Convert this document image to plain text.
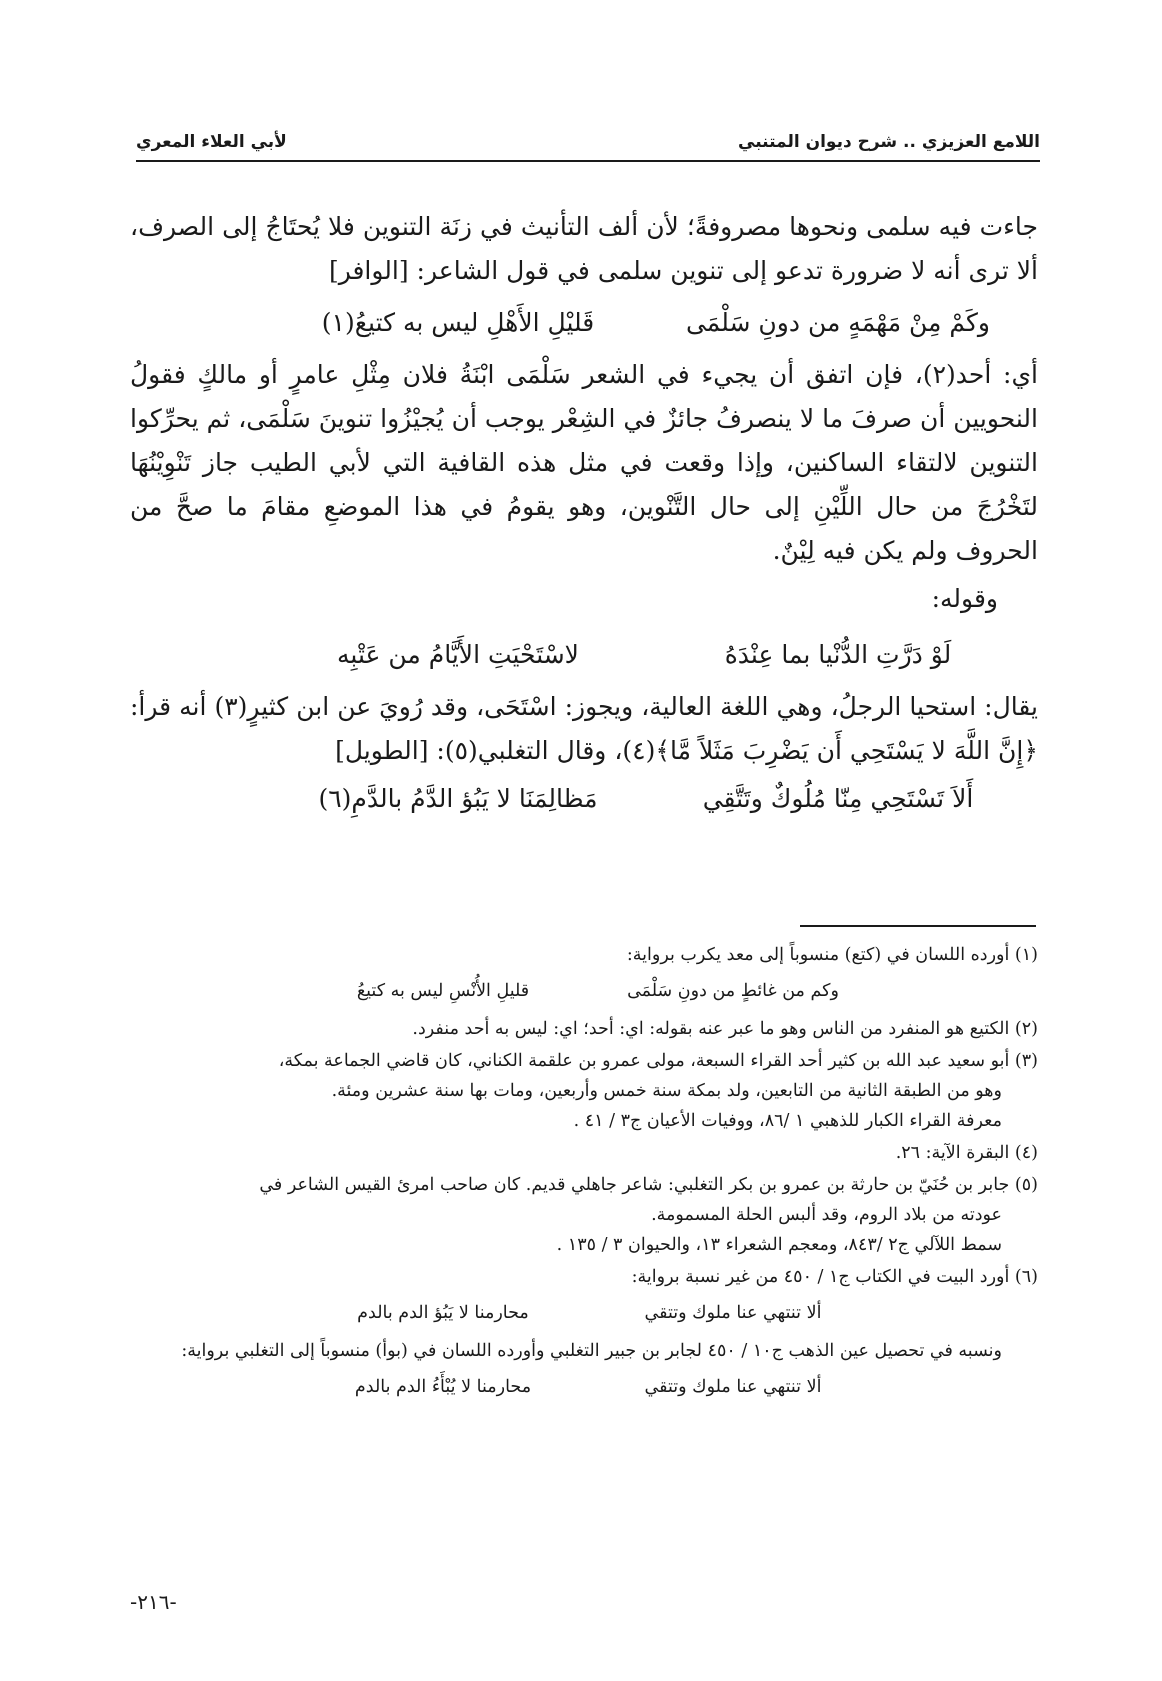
اللامع العزيزي .. شرح ديوان المتنبي
لأبي العلاء المعري

جاءت فيه سلمى ونحوها مصروفةً؛ لأن ألف التأنيث في زنَة التنوين فلا يُحتَاجُ إلى الصرف، ألا ترى أنه لا ضرورة تدعو إلى تنوين سلمى في قول الشاعر: [الوافر]

وكَمْ مِنْ مَهْمَهٍ من دونِ سَلْمَى
قَليْلِ الأَهْلِ ليس به كتيعُ(١)

أي: أحد(٢)، فإن اتفق أن يجيء في الشعر سَلْمَى ابْنَةُ فلان مِثْلِ عامرٍ أو مالكٍ فقولُ النحويين أن صرفَ ما لا ينصرفُ جائزٌ في الشِعْر يوجب أن يُجيْزُوا تنوينَ سَلْمَى، ثم يحرِّكوا التنوين لالتقاء الساكنين، وإذا وقعت في مثل هذه القافية التي لأبي الطيب جاز تَنْوِيْنُهَا لتَخْرُجَ من حال اللِّيْنِ إلى حال التَّنْوين، وهو يقومُ في هذا الموضعِ مقامَ ما صحَّ من الحروف ولم يكن فيه لِيْنٌ.

وقوله:

لَوْ دَرَّتِ الدُّنْيا بما عِنْدَهُ
لاسْتَحْيَتِ الأَيَّامُ من عَتْبِه

يقال: استحيا الرجلُ، وهي اللغة العالية، ويجوز: اسْتَحَى، وقد رُويَ عن ابن كثيرٍ(٣) أنه قرأ: ﴿إِنَّ اللَّهَ لا يَسْتَحِي أَن يَضْرِبَ مَثَلاً مَّا﴾(٤)، وقال التغلبي(٥): [الطويل]

أَلاَ تَسْتَحِي مِنّا مُلُوكٌ وتَتَّقِي
مَظالِمَنَا لا يَبُؤ الدَّمُ بالدَّمِ(٦)

(١) أورده اللسان في (كتع) منسوباً إلى معد يكرب برواية:

وكم من غائطٍ من دونِ سَلْمَى
قليلِ الأُنْسِ ليس به كتيعُ

(٢) الكتيع هو المنفرد من الناس وهو ما عبر عنه بقوله: اي: أحد؛ اي: ليس به أحد منفرد.

(٣) أبو سعيد عبد الله بن كثير أحد القراء السبعة، مولى عمرو بن علقمة الكناني، كان قاضي الجماعة بمكة،
وهو من الطبقة الثانية من التابعين، ولد بمكة سنة خمس وأربعين، ومات بها سنة عشرين ومئة.
معرفة القراء الكبار للذهبي ١ /٨٦، ووفيات الأعيان ج٣ / ٤١ .

(٤) البقرة الآية: ٢٦.

(٥) جابر بن حُنَيّ بن حارثة بن عمرو بن بكر التغلبي: شاعر جاهلي قديم. كان صاحب امرئ القيس الشاعر في
عودته من بلاد الروم، وقد ألبس الحلة المسمومة.
سمط اللآلي ج٢ /٨٤٣، ومعجم الشعراء ١٣، والحيوان ٣ / ١٣٥ .

(٦) أورد البيت في الكتاب ج١ / ٤٥٠ من غير نسبة برواية:

ألا تنتهي عنا ملوك وتتقي
محارمنا لا يَبُؤ الدم بالدم

ونسبه في تحصيل عين الذهب ج١٠ / ٤٥٠ لجابر بن جبير التغلبي وأورده اللسان في (بوأ) منسوباً إلى التغلبي برواية:

ألا تنتهي عنا ملوك وتتقي
محارمنا لا يُبْأَءُ الدم بالدم
-٢١٦-
